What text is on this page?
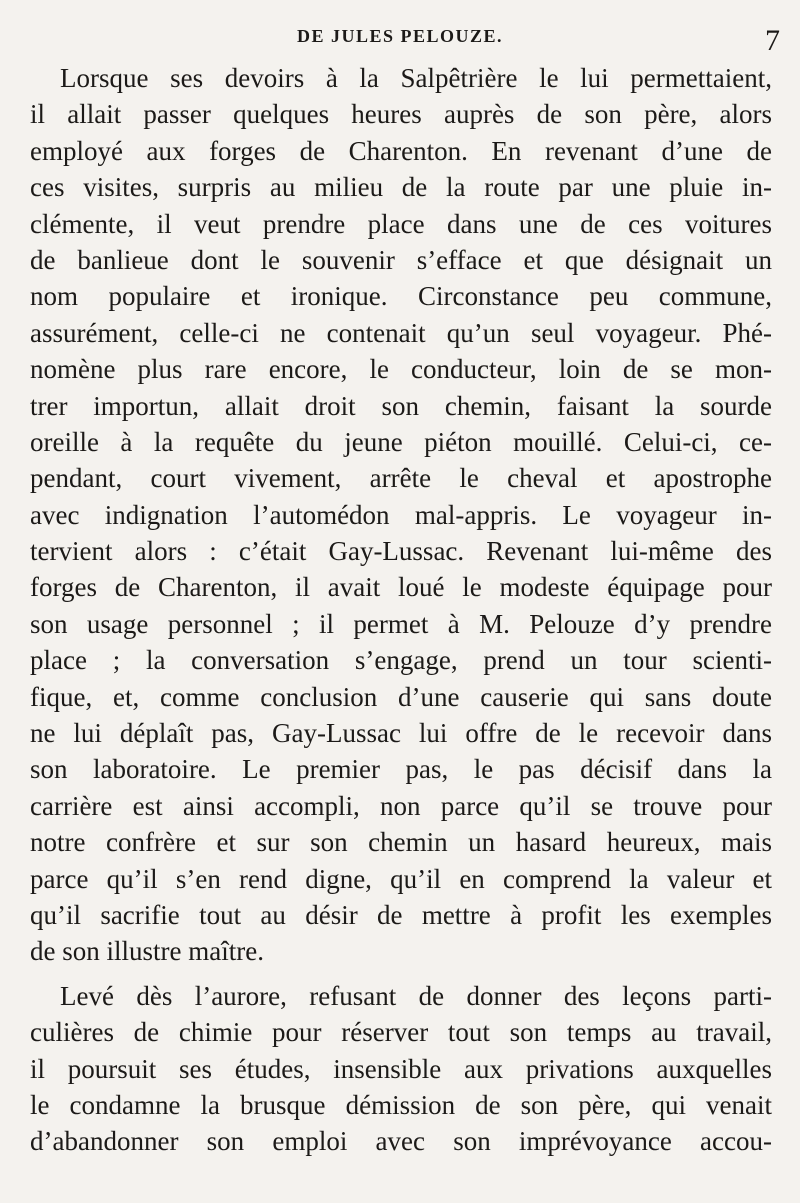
DE JULES PELOUZE.	7
Lorsque ses devoirs à la Salpêtrière le lui permettaient,
il allait passer quelques heures auprès de son père, alors
employé aux forges de Charenton. En revenant d’une de
ces visites, surpris au milieu de la route par une pluie in-
clémente, il veut prendre place dans une de ces voitures
de banlieue dont le souvenir s’efface et que désignait un
nom populaire et ironique. Circonstance peu commune,
assurément, celle-ci ne contenait qu’un seul voyageur. Phé-
nomène plus rare encore, le conducteur, loin de se mon-
trer importun, allait droit son chemin, faisant la sourde
oreille à la requête du jeune piéton mouillé. Celui-ci, ce-
pendant, court vivement, arrête le cheval et apostrophe
avec indignation l’automédon mal-appris. Le voyageur in-
tervient alors : c’était Gay-Lussac. Revenant lui-même des
forges de Charenton, il avait loué le modeste équipage pour
son usage personnel ; il permet à M. Pelouze d’y prendre
place ; la conversation s’engage, prend un tour scienti-
fique, et, comme conclusion d’une causerie qui sans doute
ne lui déplaît pas, Gay-Lussac lui offre de le recevoir dans
son laboratoire. Le premier pas, le pas décisif dans la
carrière est ainsi accompli, non parce qu’il se trouve pour
notre confrère et sur son chemin un hasard heureux, mais
parce qu’il s’en rend digne, qu’il en comprend la valeur et
qu’il sacrifie tout au désir de mettre à profit les exemples
de son illustre maître.
Levé dès l’aurore, refusant de donner des leçons parti-
culières de chimie pour réserver tout son temps au travail,
il poursuit ses études, insensible aux privations auxquelles
le condamne la brusque démission de son père, qui venait
d’abandonner son emploi avec son imprévoyance accou-
